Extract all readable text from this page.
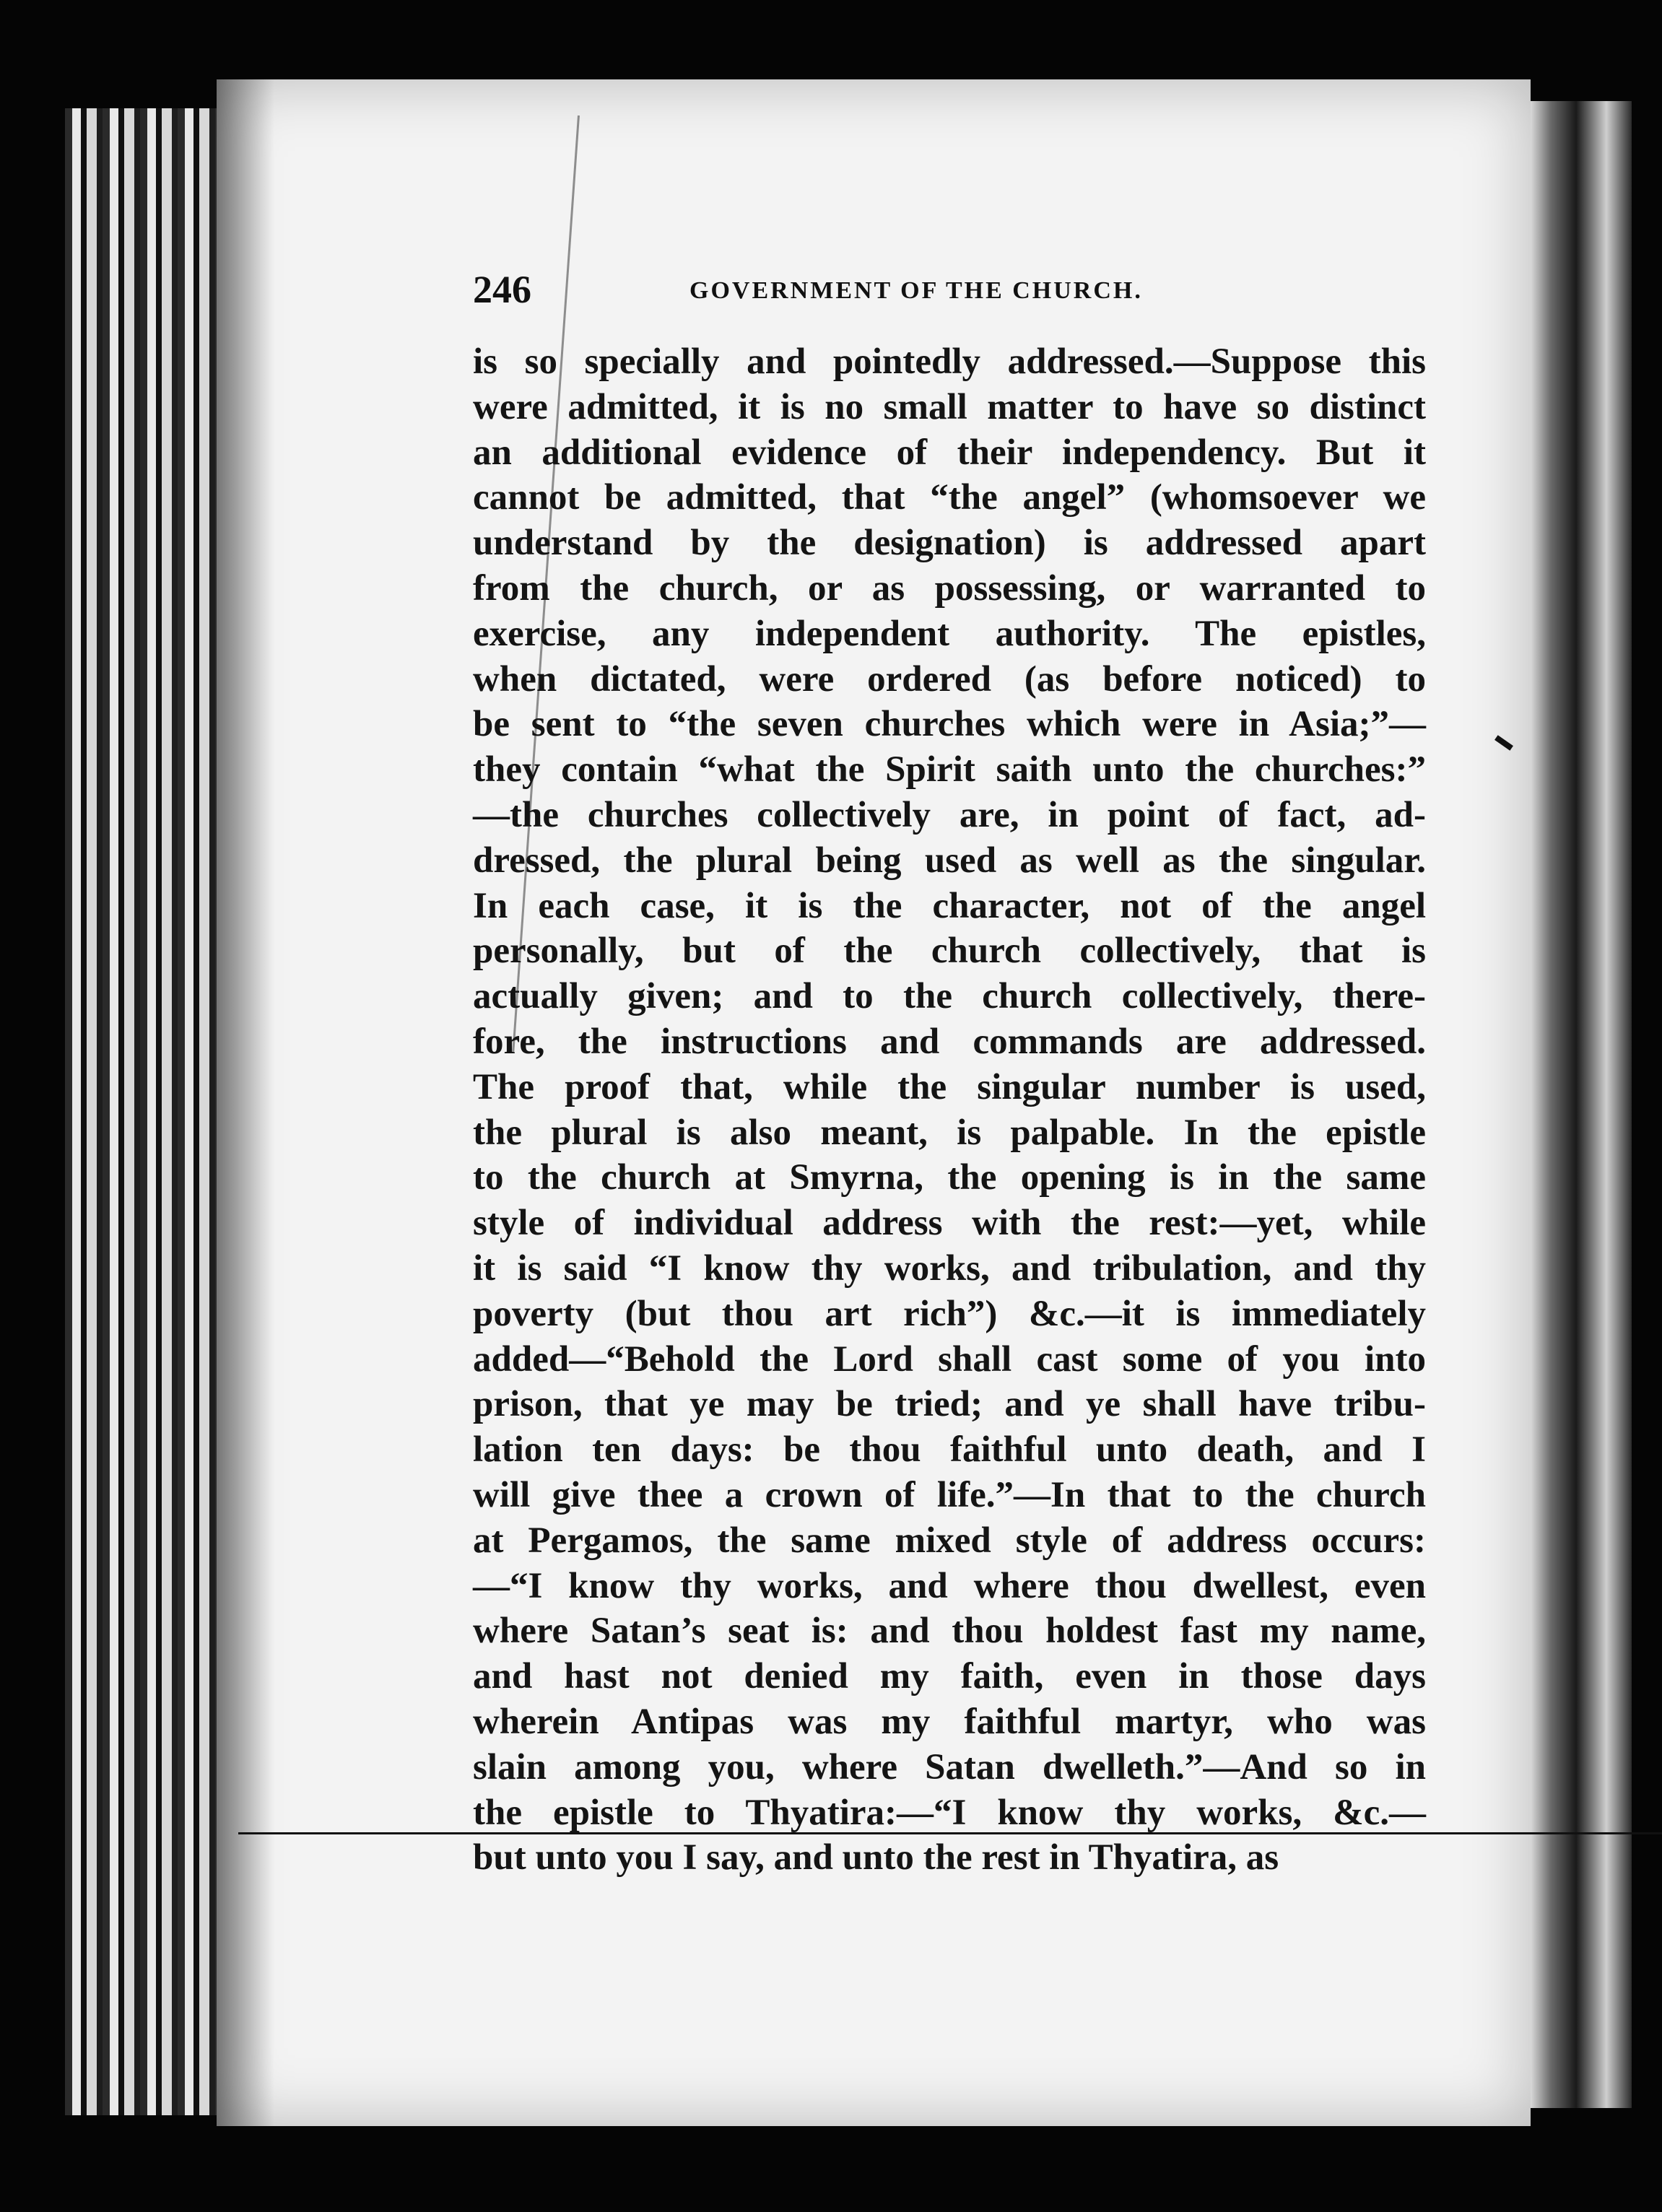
246	GOVERNMENT OF THE CHURCH.
is so specially and pointedly addressed.—Suppose this
were admitted, it is no small matter to have so distinct
an additional evidence of their independency. But it
cannot be admitted, that “the angel” (whomsoever we
understand by the designation) is addressed apart
from the church, or as possessing, or warranted to
exercise, any independent authority. The epistles,
when dictated, were ordered (as before noticed) to
be sent to “the seven churches which were in Asia;”—
they contain “what the Spirit saith unto the churches:”
—the churches collectively are, in point of fact, ad-
dressed, the plural being used as well as the singular.
In each case, it is the character, not of the angel
personally, but of the church collectively, that is
actually given; and to the church collectively, there-
fore, the instructions and commands are addressed.
The proof that, while the singular number is used,
the plural is also meant, is palpable. In the epistle
to the church at Smyrna, the opening is in the same
style of individual address with the rest:—yet, while
it is said “I know thy works, and tribulation, and thy
poverty (but thou art rich”) &c.—it is immediately
added—“Behold the Lord shall cast some of you into
prison, that ye may be tried; and ye shall have tribu-
lation ten days: be thou faithful unto death, and I
will give thee a crown of life.”—In that to the church
at Pergamos, the same mixed style of address occurs:
—“I know thy works, and where thou dwellest, even
where Satan’s seat is: and thou holdest fast my name,
and hast not denied my faith, even in those days
wherein Antipas was my faithful martyr, who was
slain among you, where Satan dwelleth.”—And so in
the epistle to Thyatira:—“I know thy works, &c.—
but unto you I say, and unto the rest in Thyatira, as
